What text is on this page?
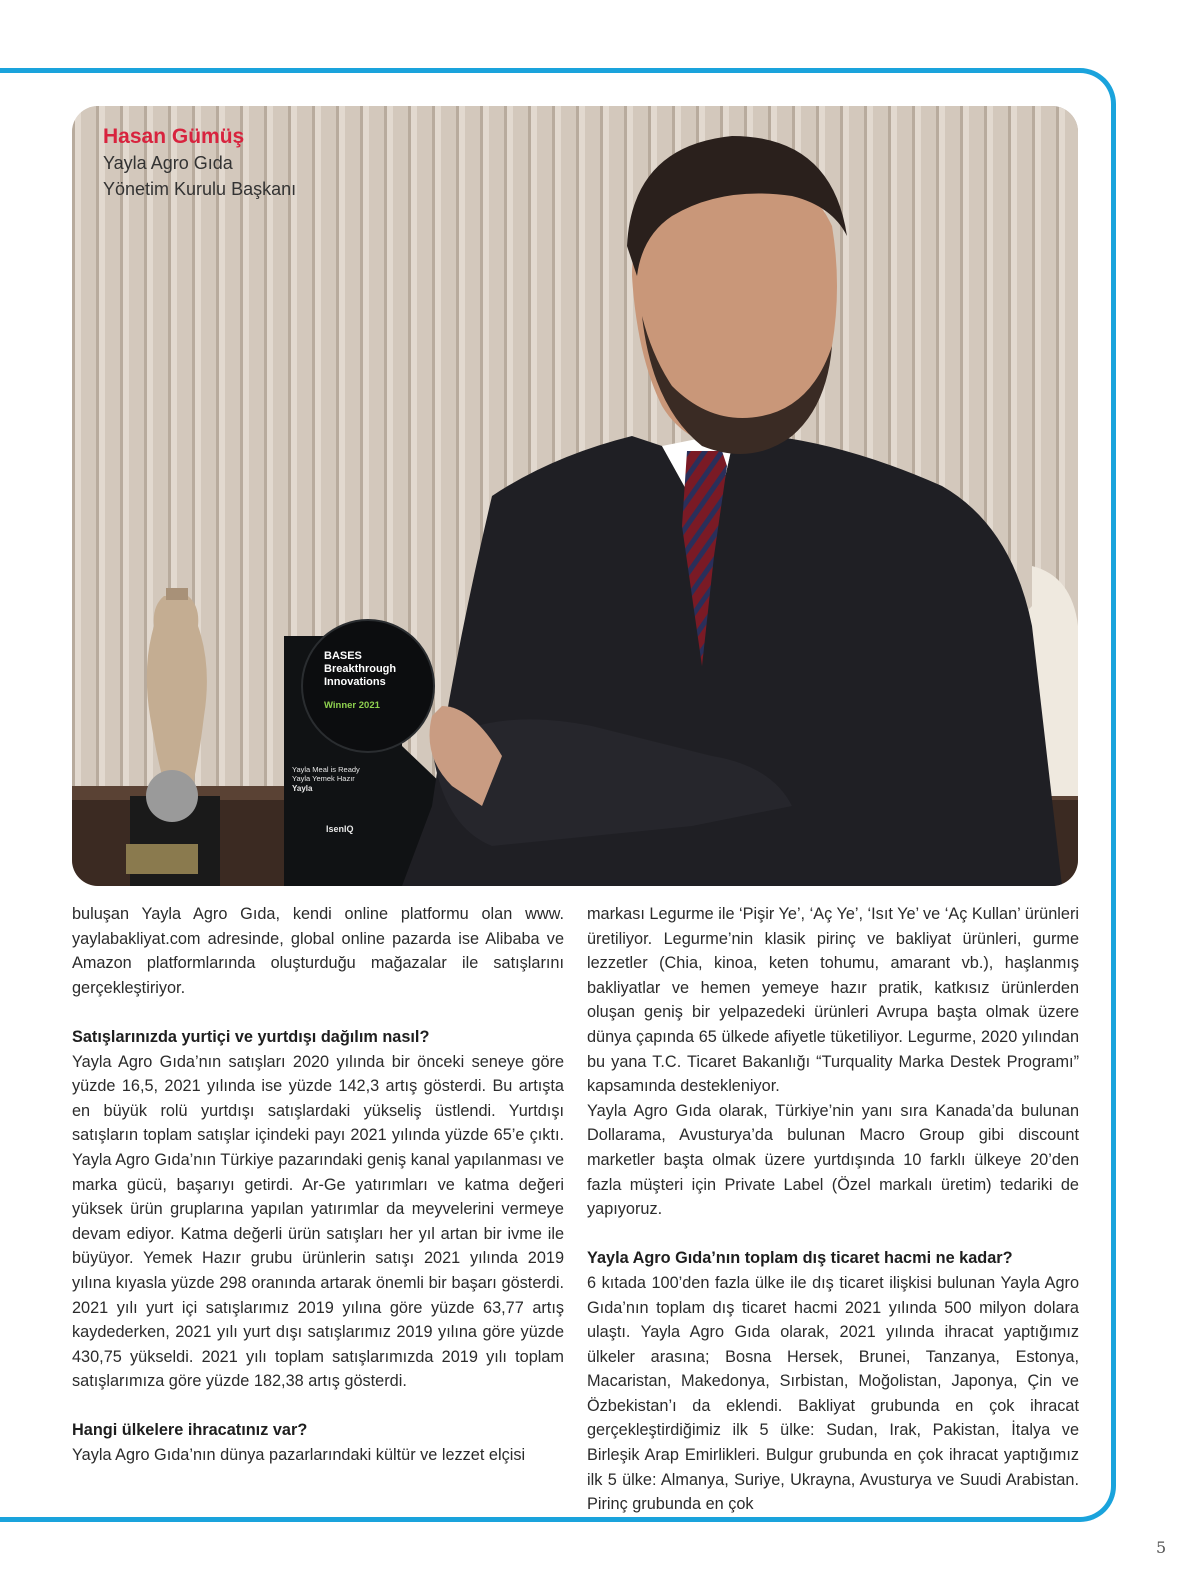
BASES
Breakthrough
Innovations
Winner 2021
Yayla Meal is Ready
Yayla Yemek Hazır
Yayla
IsenIQ
Hasan Gümüş
Yayla Agro Gıda
Yönetim Kurulu Başkanı

buluşan Yayla Agro Gıda, kendi online platformu olan www. yaylabakliyat.com adresinde, global online pazarda ise Alibaba ve Amazon platformlarında oluşturduğu mağazalar ile satışlarını gerçekleştiriyor.

Satışlarınızda yurtiçi ve yurtdışı dağılım nasıl?

Yayla Agro Gıda’nın satışları 2020 yılında bir önceki seneye göre yüzde 16,5, 2021 yılında ise yüzde 142,3 artış gösterdi. Bu artışta en büyük rolü yurtdışı satışlardaki yükseliş üstlendi. Yurtdışı satışların toplam satışlar içindeki payı 2021 yılında yüzde 65’e çıktı. Yayla Agro Gıda’nın Türkiye pazarındaki geniş kanal yapılanması ve marka gücü, başarıyı getirdi. Ar-Ge yatırımları ve katma değeri yüksek ürün gruplarına yapılan yatırımlar da meyvelerini vermeye devam ediyor. Katma değerli ürün satışları her yıl artan bir ivme ile büyüyor. Yemek Hazır grubu ürünlerin satışı 2021 yılında 2019 yılına kıyasla yüzde 298 oranında artarak önemli bir başarı gösterdi. 2021 yılı yurt içi satışlarımız 2019 yılına göre yüzde 63,77 artış kaydederken, 2021 yılı yurt dışı satışlarımız 2019 yılına göre yüzde 430,75 yükseldi. 2021 yılı toplam satışlarımızda 2019 yılı toplam satışlarımıza göre yüzde 182,38 artış gösterdi.

Hangi ülkelere ihracatınız var?

Yayla Agro Gıda’nın dünya pazarlarındaki kültür ve lezzet elçisi

markası Legurme ile ‘Pişir Ye’, ‘Aç Ye’, ‘Isıt Ye’ ve ‘Aç Kullan’ ürünleri üretiliyor. Legurme’nin klasik pirinç ve bakliyat ürünleri, gurme lezzetler (Chia, kinoa, keten tohumu, amarant vb.), haşlanmış bakliyatlar ve hemen yemeye hazır pratik, katkısız ürünlerden oluşan geniş bir yelpazedeki ürünleri Avrupa başta olmak üzere dünya çapında 65 ülkede afiyetle tüketiliyor. Legurme, 2020 yılından bu yana T.C. Ticaret Bakanlığı “Turquality Marka Destek Programı” kapsamında destekleniyor.

Yayla Agro Gıda olarak, Türkiye’nin yanı sıra Kanada’da bulunan Dollarama, Avusturya’da bulunan Macro Group gibi discount marketler başta olmak üzere yurtdışında 10 farklı ülkeye 20’den fazla müşteri için Private Label (Özel markalı üretim) tedariki de yapıyoruz.

Yayla Agro Gıda’nın toplam dış ticaret hacmi ne kadar?

6 kıtada 100’den fazla ülke ile dış ticaret ilişkisi bulunan Yayla Agro Gıda’nın toplam dış ticaret hacmi 2021 yılında 500 milyon dolara ulaştı. Yayla Agro Gıda olarak, 2021 yılında ihracat yaptığımız ülkeler arasına; Bosna Hersek, Brunei, Tanzanya, Estonya, Macaristan, Makedonya, Sırbistan, Moğolistan, Japonya, Çin ve Özbekistan’ı da eklendi. Bakliyat grubunda en çok ihracat gerçekleştirdiğimiz ilk 5 ülke: Sudan, Irak, Pakistan, İtalya ve Birleşik Arap Emirlikleri. Bulgur grubunda en çok ihracat yaptığımız ilk 5 ülke: Almanya, Suriye, Ukrayna, Avusturya ve Suudi Arabistan. Pirinç grubunda en çok

5
